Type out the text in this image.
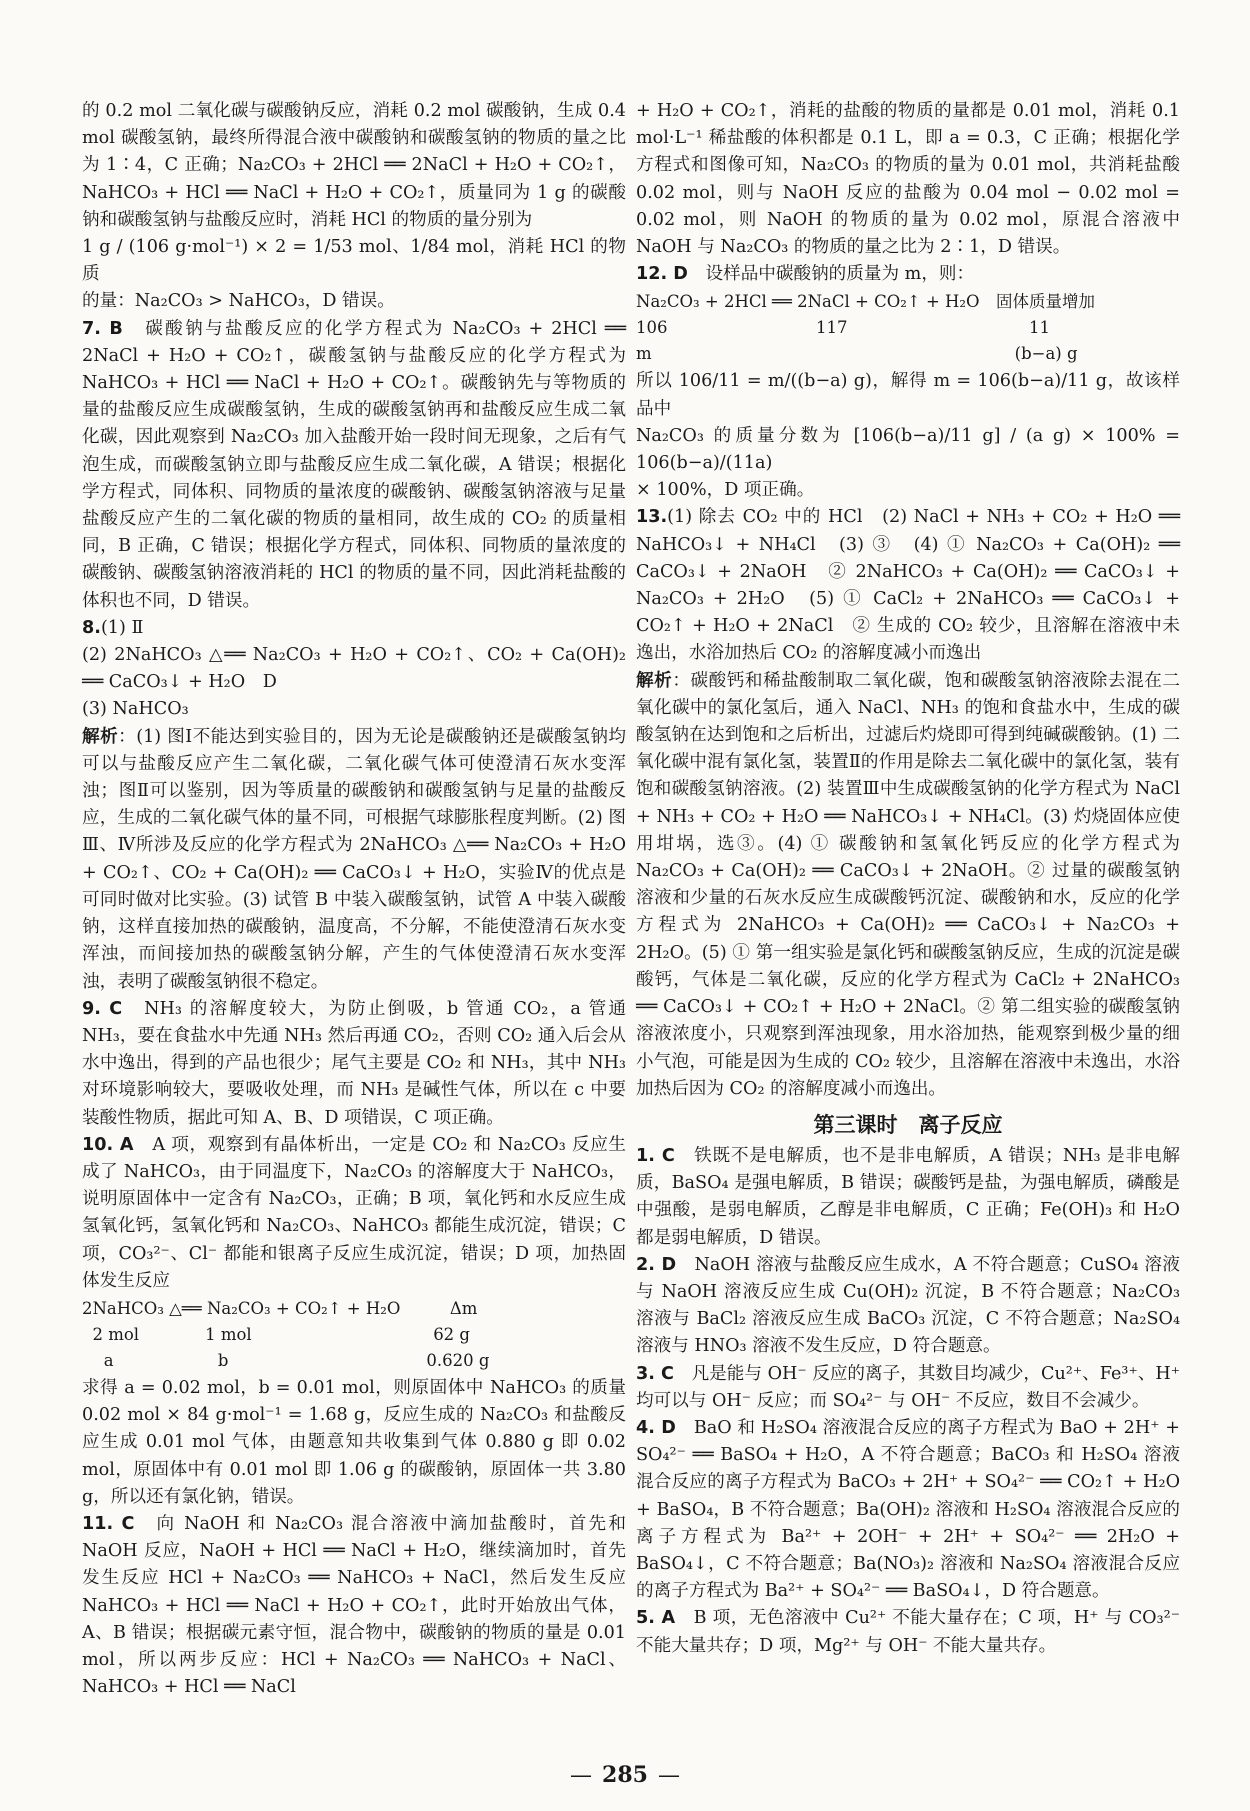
的 0.2 mol 二氧化碳与碳酸钠反应，消耗 0.2 mol 碳酸钠，生成 0.4 mol 碳酸氢钠，最终所得混合液中碳酸钠和碳酸氢钠的物质的量之比为 1∶4，C 正确；Na₂CO₃ + 2HCl ══ 2NaCl + H₂O + CO₂↑，NaHCO₃ + HCl ══ NaCl + H₂O + CO₂↑，质量同为 1 g 的碳酸钠和碳酸氢钠与盐酸反应时，消耗 HCl 的物质的量分别为

1 g / (106 g·mol⁻¹) × 2 = 1/53 mol、1/84 mol，消耗 HCl 的物质

的量：Na₂CO₃ > NaHCO₃，D 错误。

7. B　 碳酸钠与盐酸反应的化学方程式为 Na₂CO₃ + 2HCl ══ 2NaCl + H₂O + CO₂↑，碳酸氢钠与盐酸反应的化学方程式为 NaHCO₃ + HCl ══ NaCl + H₂O + CO₂↑。碳酸钠先与等物质的量的盐酸反应生成碳酸氢钠，生成的碳酸氢钠再和盐酸反应生成二氧化碳，因此观察到 Na₂CO₃ 加入盐酸开始一段时间无现象，之后有气泡生成，而碳酸氢钠立即与盐酸反应生成二氧化碳，A 错误；根据化学方程式，同体积、同物质的量浓度的碳酸钠、碳酸氢钠溶液与足量盐酸反应产生的二氧化碳的物质的量相同，故生成的 CO₂ 的质量相同，B 正确，C 错误；根据化学方程式，同体积、同物质的量浓度的碳酸钠、碳酸氢钠溶液消耗的 HCl 的物质的量不同，因此消耗盐酸的体积也不同，D 错误。

8.(1) Ⅱ

(2) 2NaHCO₃ △══ Na₂CO₃ + H₂O + CO₂↑、CO₂ + Ca(OH)₂ ══ CaCO₃↓ + H₂O　D

(3) NaHCO₃

解析：(1) 图Ⅰ不能达到实验目的，因为无论是碳酸钠还是碳酸氢钠均可以与盐酸反应产生二氧化碳，二氧化碳气体可使澄清石灰水变浑浊；图Ⅱ可以鉴别，因为等质量的碳酸钠和碳酸氢钠与足量的盐酸反应，生成的二氧化碳气体的量不同，可根据气球膨胀程度判断。(2) 图Ⅲ、Ⅳ所涉及反应的化学方程式为 2NaHCO₃ △══ Na₂CO₃ + H₂O + CO₂↑、CO₂ + Ca(OH)₂ ══ CaCO₃↓ + H₂O，实验Ⅳ的优点是可同时做对比实验。(3) 试管 B 中装入碳酸氢钠，试管 A 中装入碳酸钠，这样直接加热的碳酸钠，温度高，不分解，不能使澄清石灰水变浑浊，而间接加热的碳酸氢钠分解，产生的气体使澄清石灰水变浑浊，表明了碳酸氢钠很不稳定。

9. C　 NH₃ 的溶解度较大，为防止倒吸，b 管通 CO₂，a 管通 NH₃，要在食盐水中先通 NH₃ 然后再通 CO₂，否则 CO₂ 通入后会从水中逸出，得到的产品也很少；尾气主要是 CO₂ 和 NH₃，其中 NH₃ 对环境影响较大，要吸收处理，而 NH₃ 是碱性气体，所以在 c 中要装酸性物质，据此可知 A、B、D 项错误，C 项正确。

10. A　 A 项，观察到有晶体析出，一定是 CO₂ 和 Na₂CO₃ 反应生成了 NaHCO₃，由于同温度下，Na₂CO₃ 的溶解度大于 NaHCO₃，说明原固体中一定含有 Na₂CO₃，正确；B 项，氧化钙和水反应生成氢氧化钙，氢氧化钙和 Na₂CO₃、NaHCO₃ 都能生成沉淀，错误；C 项，CO₃²⁻、Cl⁻ 都能和银离子反应生成沉淀，错误；D 项，加热固体发生反应

2NaHCO₃ △══ Na₂CO₃ + CO₂↑ + H₂O　　　Δm
2 mol　　　　1 mol　　　　　　　　　　　62 g
　 a　　　　　　 b　　　　　　　　　　　　0.620 g

求得 a = 0.02 mol，b = 0.01 mol，则原固体中 NaHCO₃ 的质量 0.02 mol × 84 g·mol⁻¹ = 1.68 g，反应生成的 Na₂CO₃ 和盐酸反应生成 0.01 mol 气体，由题意知共收集到气体 0.880 g 即 0.02 mol，原固体中有 0.01 mol 即 1.06 g 的碳酸钠，原固体一共 3.80 g，所以还有氯化钠，错误。

11. C　 向 NaOH 和 Na₂CO₃ 混合溶液中滴加盐酸时，首先和 NaOH 反应，NaOH + HCl ══ NaCl + H₂O，继续滴加时，首先发生反应 HCl + Na₂CO₃ ══ NaHCO₃ + NaCl，然后发生反应 NaHCO₃ + HCl ══ NaCl + H₂O + CO₂↑，此时开始放出气体，A、B 错误；根据碳元素守恒，混合物中，碳酸钠的物质的量是 0.01 mol，所以两步反应：HCl + Na₂CO₃ ══ NaHCO₃ + NaCl、NaHCO₃ + HCl ══ NaCl

+ H₂O + CO₂↑，消耗的盐酸的物质的量都是 0.01 mol，消耗 0.1 mol·L⁻¹ 稀盐酸的体积都是 0.1 L，即 a = 0.3，C 正确；根据化学方程式和图像可知，Na₂CO₃ 的物质的量为 0.01 mol，共消耗盐酸 0.02 mol，则与 NaOH 反应的盐酸为 0.04 mol − 0.02 mol = 0.02 mol，则 NaOH 的物质的量为 0.02 mol，原混合溶液中 NaOH 与 Na₂CO₃ 的物质的量之比为 2∶1，D 错误。

12. D　 设样品中碳酸钠的质量为 m，则：

Na₂CO₃ + 2HCl ══ 2NaCl + CO₂↑ + H₂O　固体质量增加
106　　　　　　　　　117　　　　　　　　　　　11
m　　　　　　　　　　　　　　　　　　　　　　(b−a) g

所以 106/11 = m/((b−a) g)，解得 m = 106(b−a)/11 g，故该样品中

Na₂CO₃ 的质量分数为 [106(b−a)/11 g] / (a g) × 100% = 106(b−a)/(11a)

× 100%，D 项正确。

13.(1) 除去 CO₂ 中的 HCl　(2) NaCl + NH₃ + CO₂ + H₂O ══ NaHCO₃↓ + NH₄Cl　(3) ③　(4) ① Na₂CO₃ + Ca(OH)₂ ══ CaCO₃↓ + 2NaOH　② 2NaHCO₃ + Ca(OH)₂ ══ CaCO₃↓ + Na₂CO₃ + 2H₂O　(5) ① CaCl₂ + 2NaHCO₃ ══ CaCO₃↓ + CO₂↑ + H₂O + 2NaCl　② 生成的 CO₂ 较少，且溶解在溶液中未逸出，水浴加热后 CO₂ 的溶解度减小而逸出

解析：碳酸钙和稀盐酸制取二氧化碳，饱和碳酸氢钠溶液除去混在二氧化碳中的氯化氢后，通入 NaCl、NH₃ 的饱和食盐水中，生成的碳酸氢钠在达到饱和之后析出，过滤后灼烧即可得到纯碱碳酸钠。(1) 二氧化碳中混有氯化氢，装置Ⅱ的作用是除去二氧化碳中的氯化氢，装有饱和碳酸氢钠溶液。(2) 装置Ⅲ中生成碳酸氢钠的化学方程式为 NaCl + NH₃ + CO₂ + H₂O ══ NaHCO₃↓ + NH₄Cl。(3) 灼烧固体应使用坩埚，选③。(4) ① 碳酸钠和氢氧化钙反应的化学方程式为 Na₂CO₃ + Ca(OH)₂ ══ CaCO₃↓ + 2NaOH。② 过量的碳酸氢钠溶液和少量的石灰水反应生成碳酸钙沉淀、碳酸钠和水，反应的化学方程式为 2NaHCO₃ + Ca(OH)₂ ══ CaCO₃↓ + Na₂CO₃ + 2H₂O。(5) ① 第一组实验是氯化钙和碳酸氢钠反应，生成的沉淀是碳酸钙，气体是二氧化碳，反应的化学方程式为 CaCl₂ + 2NaHCO₃ ══ CaCO₃↓ + CO₂↑ + H₂O + 2NaCl。② 第二组实验的碳酸氢钠溶液浓度小，只观察到浑浊现象，用水浴加热，能观察到极少量的细小气泡，可能是因为生成的 CO₂ 较少，且溶解在溶液中未逸出，水浴加热后因为 CO₂ 的溶解度减小而逸出。

第三课时　离子反应

1. C　 铁既不是电解质，也不是非电解质，A 错误；NH₃ 是非电解质，BaSO₄ 是强电解质，B 错误；碳酸钙是盐，为强电解质，磷酸是中强酸，是弱电解质，乙醇是非电解质，C 正确；Fe(OH)₃ 和 H₂O 都是弱电解质，D 错误。

2. D　 NaOH 溶液与盐酸反应生成水，A 不符合题意；CuSO₄ 溶液与 NaOH 溶液反应生成 Cu(OH)₂ 沉淀，B 不符合题意；Na₂CO₃ 溶液与 BaCl₂ 溶液反应生成 BaCO₃ 沉淀，C 不符合题意；Na₂SO₄ 溶液与 HNO₃ 溶液不发生反应，D 符合题意。

3. C　 凡是能与 OH⁻ 反应的离子，其数目均减少，Cu²⁺、Fe³⁺、H⁺ 均可以与 OH⁻ 反应；而 SO₄²⁻ 与 OH⁻ 不反应，数目不会减少。

4. D　 BaO 和 H₂SO₄ 溶液混合反应的离子方程式为 BaO + 2H⁺ + SO₄²⁻ ══ BaSO₄ + H₂O，A 不符合题意；BaCO₃ 和 H₂SO₄ 溶液混合反应的离子方程式为 BaCO₃ + 2H⁺ + SO₄²⁻ ══ CO₂↑ + H₂O + BaSO₄，B 不符合题意；Ba(OH)₂ 溶液和 H₂SO₄ 溶液混合反应的离子方程式为 Ba²⁺ + 2OH⁻ + 2H⁺ + SO₄²⁻ ══ 2H₂O + BaSO₄↓，C 不符合题意；Ba(NO₃)₂ 溶液和 Na₂SO₄ 溶液混合反应的离子方程式为 Ba²⁺ + SO₄²⁻ ══ BaSO₄↓，D 符合题意。

5. A　 B 项，无色溶液中 Cu²⁺ 不能大量存在；C 项，H⁺ 与 CO₃²⁻ 不能大量共存；D 项，Mg²⁺ 与 OH⁻ 不能大量共存。

— 285 —
